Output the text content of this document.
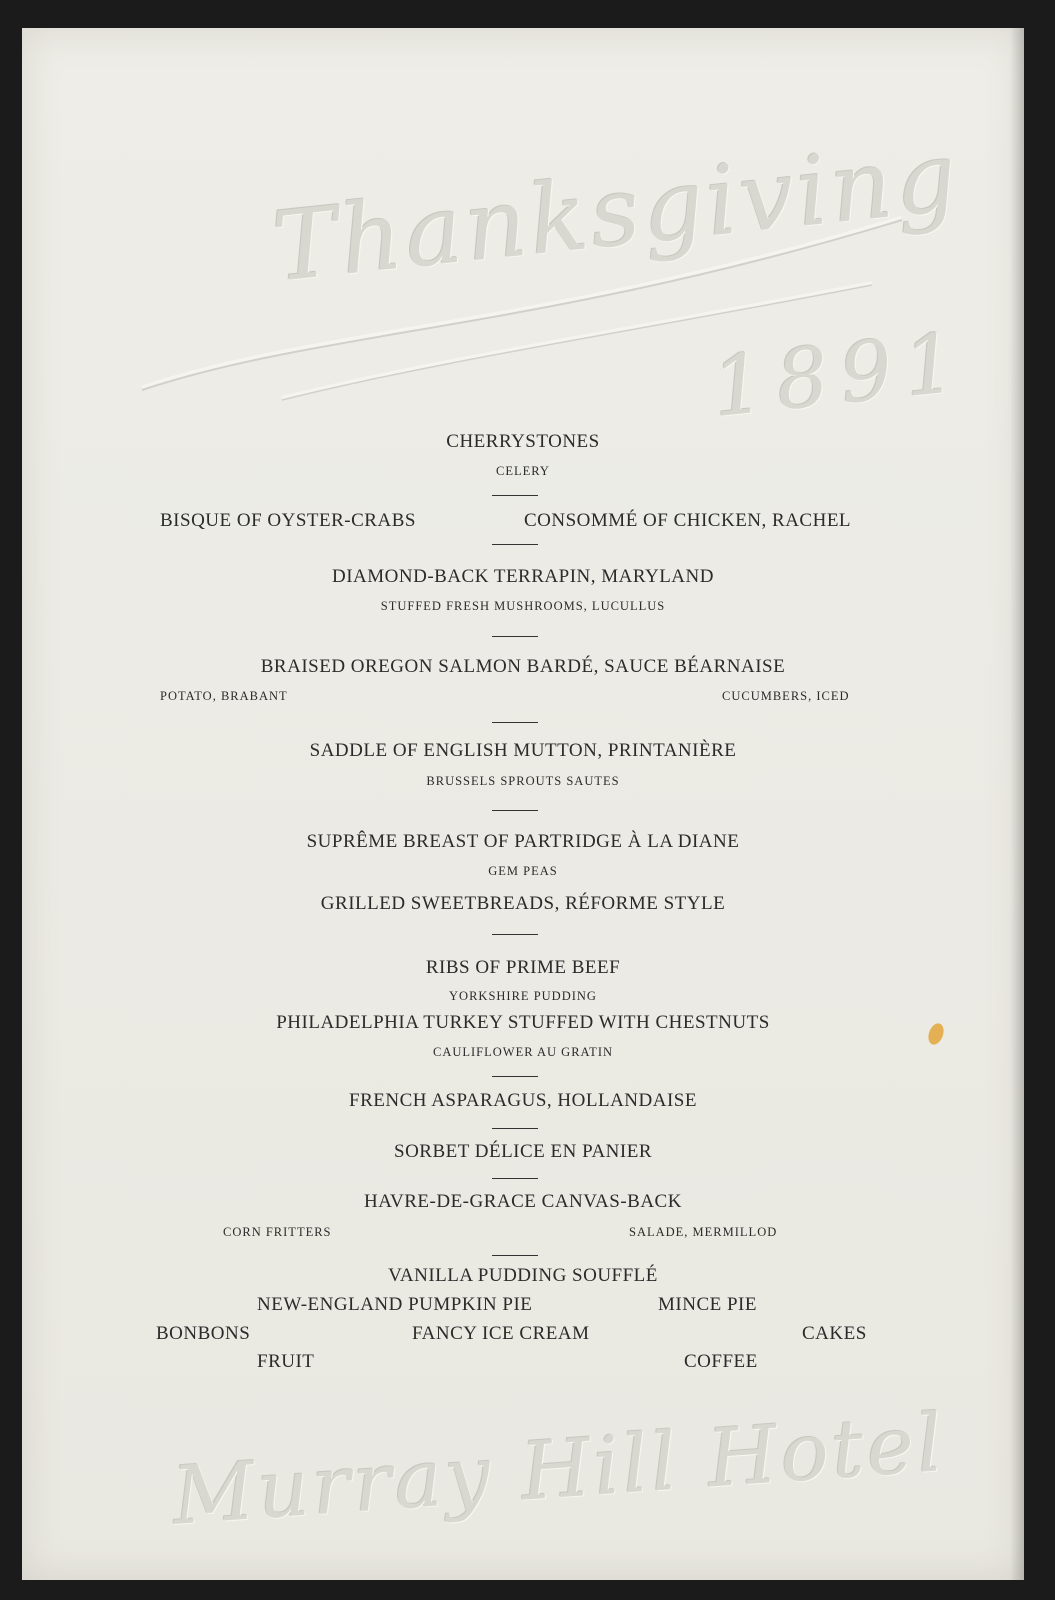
Thanksgiving
1891
CHERRYSTONES
CELERY
BISQUE OF OYSTER-CRABS	CONSOMMÉ OF CHICKEN, RACHEL
DIAMOND-BACK TERRAPIN, MARYLAND
STUFFED FRESH MUSHROOMS, LUCULLUS
BRAISED OREGON SALMON BARDÉ, SAUCE BÉARNAISE
POTATO, BRABANT	CUCUMBERS, ICED
SADDLE OF ENGLISH MUTTON, PRINTANIÈRE
BRUSSELS SPROUTS SAUTES
SUPRÊME BREAST OF PARTRIDGE À LA DIANE
GEM PEAS
GRILLED SWEETBREADS, RÉFORME STYLE
RIBS OF PRIME BEEF
YORKSHIRE PUDDING
PHILADELPHIA TURKEY STUFFED WITH CHESTNUTS
CAULIFLOWER AU GRATIN
FRENCH ASPARAGUS, HOLLANDAISE
SORBET DÉLICE EN PANIER
HAVRE-DE-GRACE CANVAS-BACK
CORN FRITTERS	SALADE, MERMILLOD
VANILLA PUDDING SOUFFLÉ
NEW-ENGLAND PUMPKIN PIE	MINCE PIE
BONBONS	FANCY ICE CREAM	CAKES
FRUIT	COFFEE
Murray Hill Hotel
